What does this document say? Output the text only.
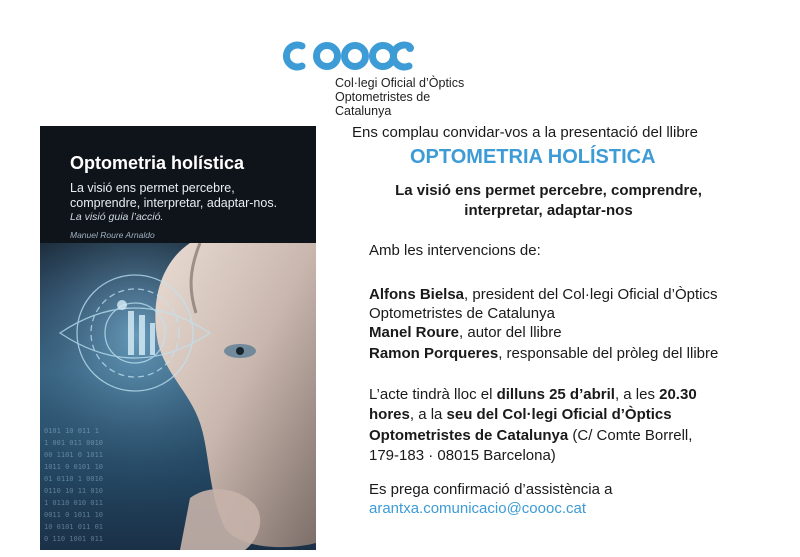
Col·legi Oficial d’Òptics
Optometristes de Catalunya
Optometria holística
La visió ens permet percebre,
comprendre, interpretar, adaptar-nos.
La visió guia l’acció.
Manuel Roure Arnaldo
0101 10 011 1
1 001 011 0010
00 1101 0 1011
1011 0 0101 10
01 0110 1 0010
0110 10 11 010
1 0110 010 011
0011 0 1011 10
10 0101 011 01
0 110 1001 011
Ens complau convidar-vos a la presentació del llibre
OPTOMETRIA HOLÍSTICA
La visió ens permet percebre, comprendre,
interpretar, adaptar-nos
Amb les intervencions de:
Alfons Bielsa, president del Col·legi Oficial d’Òptics
Optometristes de Catalunya
Manel Roure, autor del llibre
Ramon Porqueres, responsable del pròleg del llibre
L’acte tindrà lloc el dilluns 25 d’abril, a les 20.30
hores, a la seu del Col·legi Oficial d’Òptics
Optometristes de Catalunya (C/ Comte Borrell,
179-183 · 08015 Barcelona)
Es prega confirmació d’assistència a
arantxa.comunicacio@coooc.cat
